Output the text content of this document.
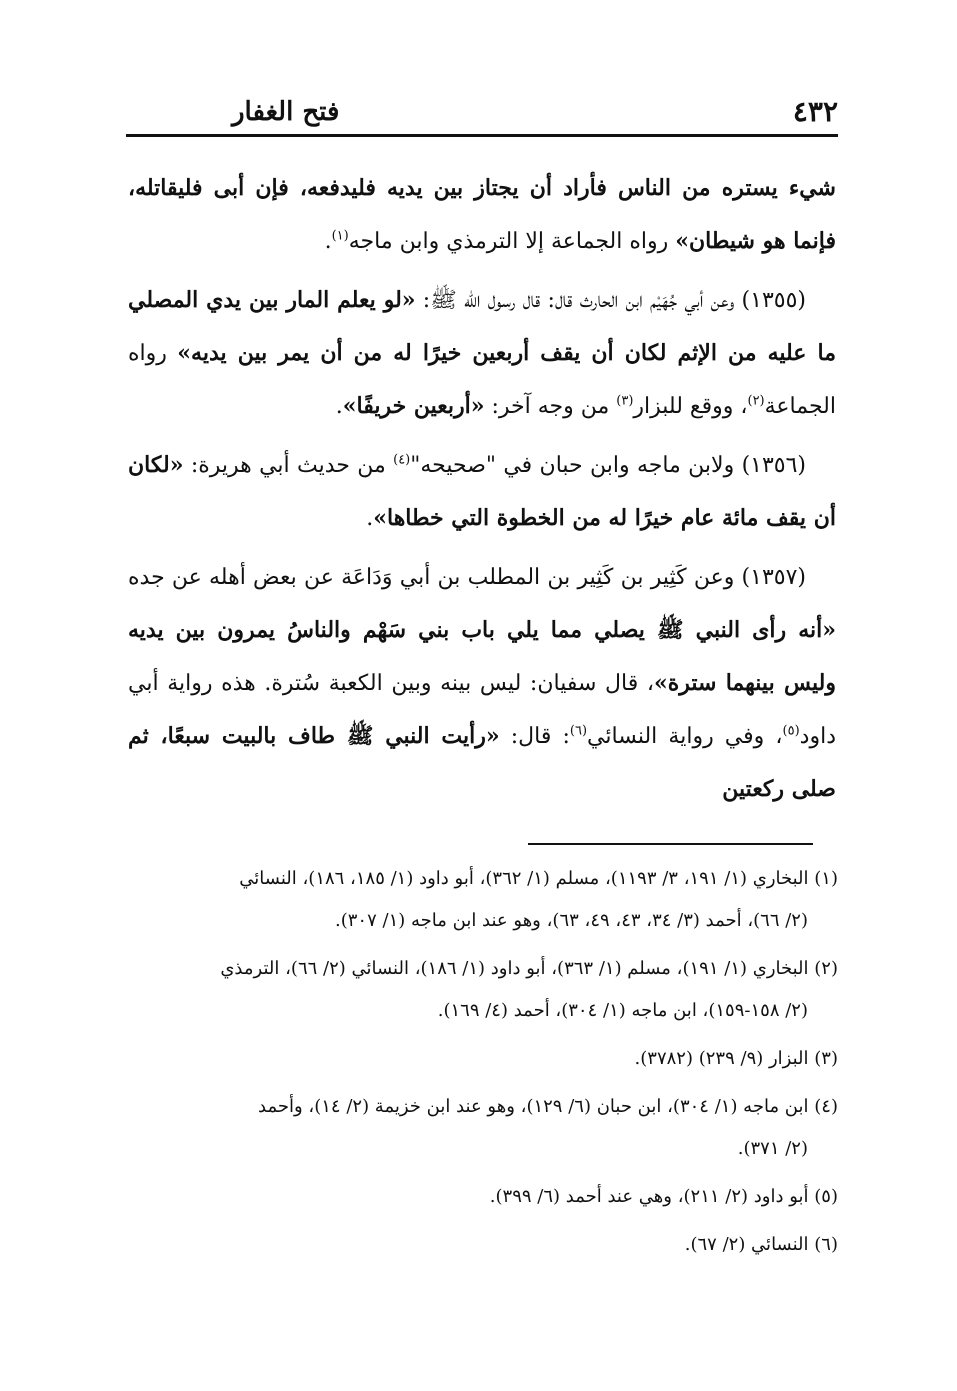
٤٣٢
فتح الغفار

شيء يستره من الناس فأراد أن يجتاز بين يديه فليدفعه، فإن أبى فليقاتله، فإنما هو شيطان» رواه الجماعة إلا الترمذي وابن ماجه$^{(١)}$.

(١٣٥٥) وعن أبي جُهَيْم ابن الحارث قال: قال رسول الله ﷺ: «لو يعلم المار بين يدي المصلي ما عليه من الإثم لكان أن يقف أربعين خيرًا له من أن يمر بين يديه» رواه الجماعة$^{(٢)}$، ووقع للبزار$^{(٣)}$ من وجه آخر: «أربعين خريفًا».

(١٣٥٦) ولابن ماجه وابن حبان في "صحيحه"$^{(٤)}$ من حديث أبي هريرة: «لكان أن يقف مائة عام خيرًا له من الخطوة التي خطاها».

(١٣٥٧) وعن كَثِير بن كَثِير بن المطلب بن أبي وَدَاعَة عن بعض أهله عن جده «أنه رأى النبي ﷺ يصلي مما يلي باب بني سَهْم والناسُ يمرون بين يديه وليس بينهما سترة»، قال سفيان: ليس بينه وبين الكعبة سُترة. هذه رواية أبي داود$^{(٥)}$، وفي رواية النسائي$^{(٦)}$: قال: «رأيت النبي ﷺ طاف بالبيت سبعًا، ثم صلى ركعتين

(١) البخاري (١/ ١٩١، ٣/ ١١٩٣)، مسلم (١/ ٣٦٢)، أبو داود (١/ ١٨٥، ١٨٦)، النسائي
(٢/ ٦٦)، أحمد (٣/ ٣٤، ٤٣، ٤٩، ٦٣)، وهو عند ابن ماجه (١/ ٣٠٧).
(٢) البخاري (١/ ١٩١)، مسلم (١/ ٣٦٣)، أبو داود (١/ ١٨٦)، النسائي (٢/ ٦٦)، الترمذي
(٢/ ١٥٨-١٥٩)، ابن ماجه (١/ ٣٠٤)، أحمد (٤/ ١٦٩).
(٣) البزار (٩/ ٢٣٩) (٣٧٨٢).
(٤) ابن ماجه (١/ ٣٠٤)، ابن حبان (٦/ ١٢٩)، وهو عند ابن خزيمة (٢/ ١٤)، وأحمد
(٢/ ٣٧١).
(٥) أبو داود (٢/ ٢١١)، وهي عند أحمد (٦/ ٣٩٩).
(٦) النسائي (٢/ ٦٧).
